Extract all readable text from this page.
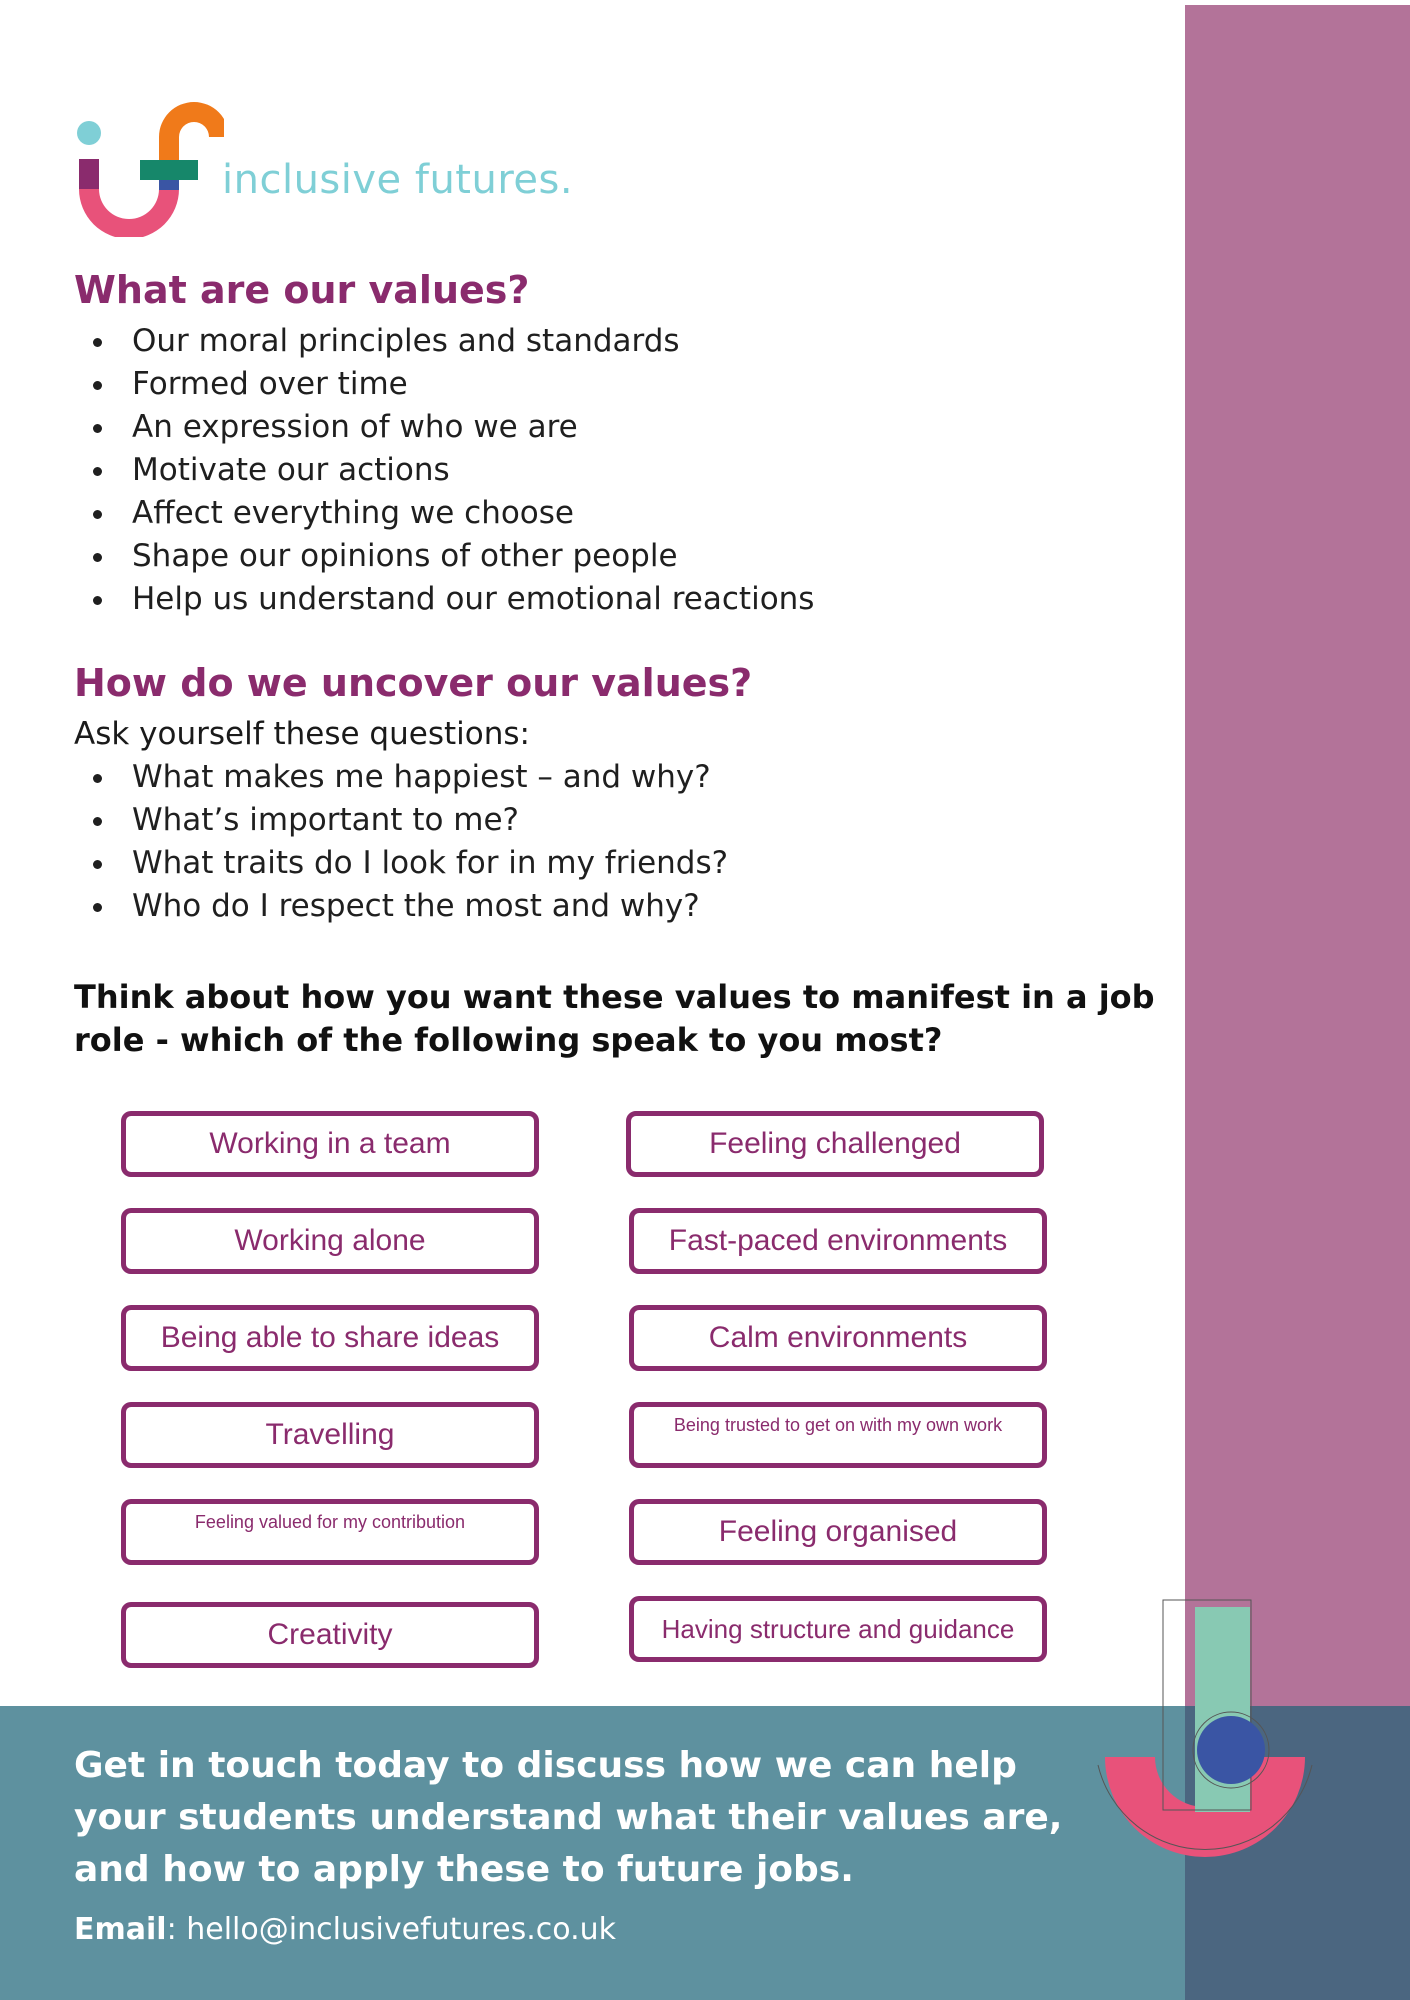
inclusive futures.
What are our values?
Our moral principles and standards
Formed over time
An expression of who we are
Motivate our actions
Affect everything we choose
Shape our opinions of other people
Help us understand our emotional reactions
How do we uncover our values?
Ask yourself these questions:
What makes me happiest – and why?
What’s important to me?
What traits do I look for in my friends?
Who do I respect the most and why?
Think about how you want these values to manifest in a job role - which of the following speak to you most?
Working in a team
Working alone
Being able to share ideas
Travelling
Feeling valued for my contribution
Creativity
Feeling challenged
Fast-paced environments
Calm environments
Being trusted to get on with my own work
Feeling organised
Having structure and guidance
Get in touch today to discuss how we can help your students understand what their values are, and how to apply these to future jobs.
Email: hello@inclusivefutures.co.uk
